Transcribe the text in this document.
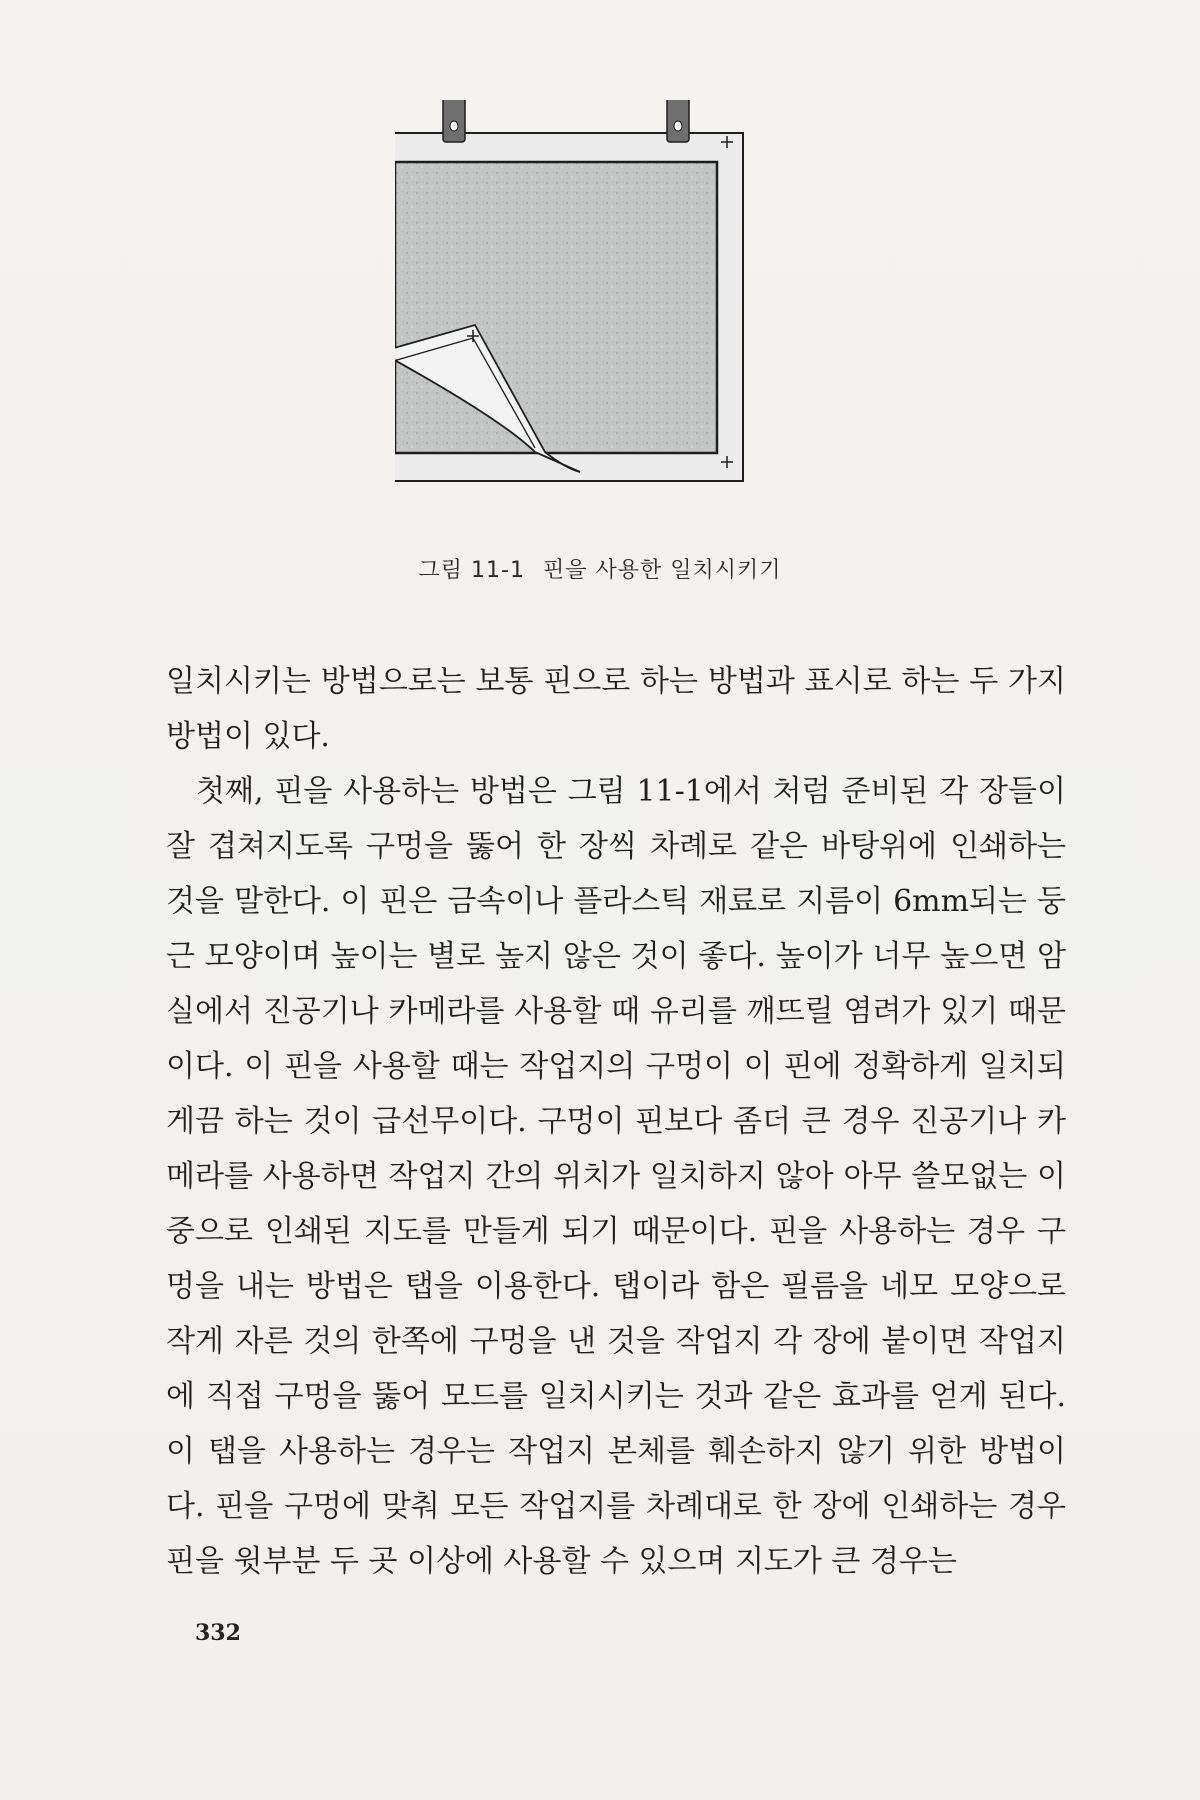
그림 11-1 핀을 사용한 일치시키기

일치시키는 방법으로는 보통 핀으로 하는 방법과 표시로 하는 두 가지 방법이 있다.

첫째, 핀을 사용하는 방법은 그림 11-1에서 처럼 준비된 각 장들이 잘 겹쳐지도록 구멍을 뚫어 한 장씩 차례로 같은 바탕위에 인쇄하는 것을 말한다. 이 핀은 금속이나 플라스틱 재료로 지름이 6mm되는 둥근 모양이며 높이는 별로 높지 않은 것이 좋다. 높이가 너무 높으면 암실에서 진공기나 카메라를 사용할 때 유리를 깨뜨릴 염려가 있기 때문이다. 이 핀을 사용할 때는 작업지의 구멍이 이 핀에 정확하게 일치되게끔 하는 것이 급선무이다. 구멍이 핀보다 좀더 큰 경우 진공기나 카메라를 사용하면 작업지 간의 위치가 일치하지 않아 아무 쓸모없는 이중으로 인쇄된 지도를 만들게 되기 때문이다. 핀을 사용하는 경우 구멍을 내는 방법은 탭을 이용한다. 탭이라 함은 필름을 네모 모양으로 작게 자른 것의 한쪽에 구멍을 낸 것을 작업지 각 장에 붙이면 작업지에 직접 구멍을 뚫어 모드를 일치시키는 것과 같은 효과를 얻게 된다. 이 탭을 사용하는 경우는 작업지 본체를 훼손하지 않기 위한 방법이다. 핀을 구멍에 맞춰 모든 작업지를 차례대로 한 장에 인쇄하는 경우 핀을 윗부분 두 곳 이상에 사용할 수 있으며 지도가 큰 경우는

332
